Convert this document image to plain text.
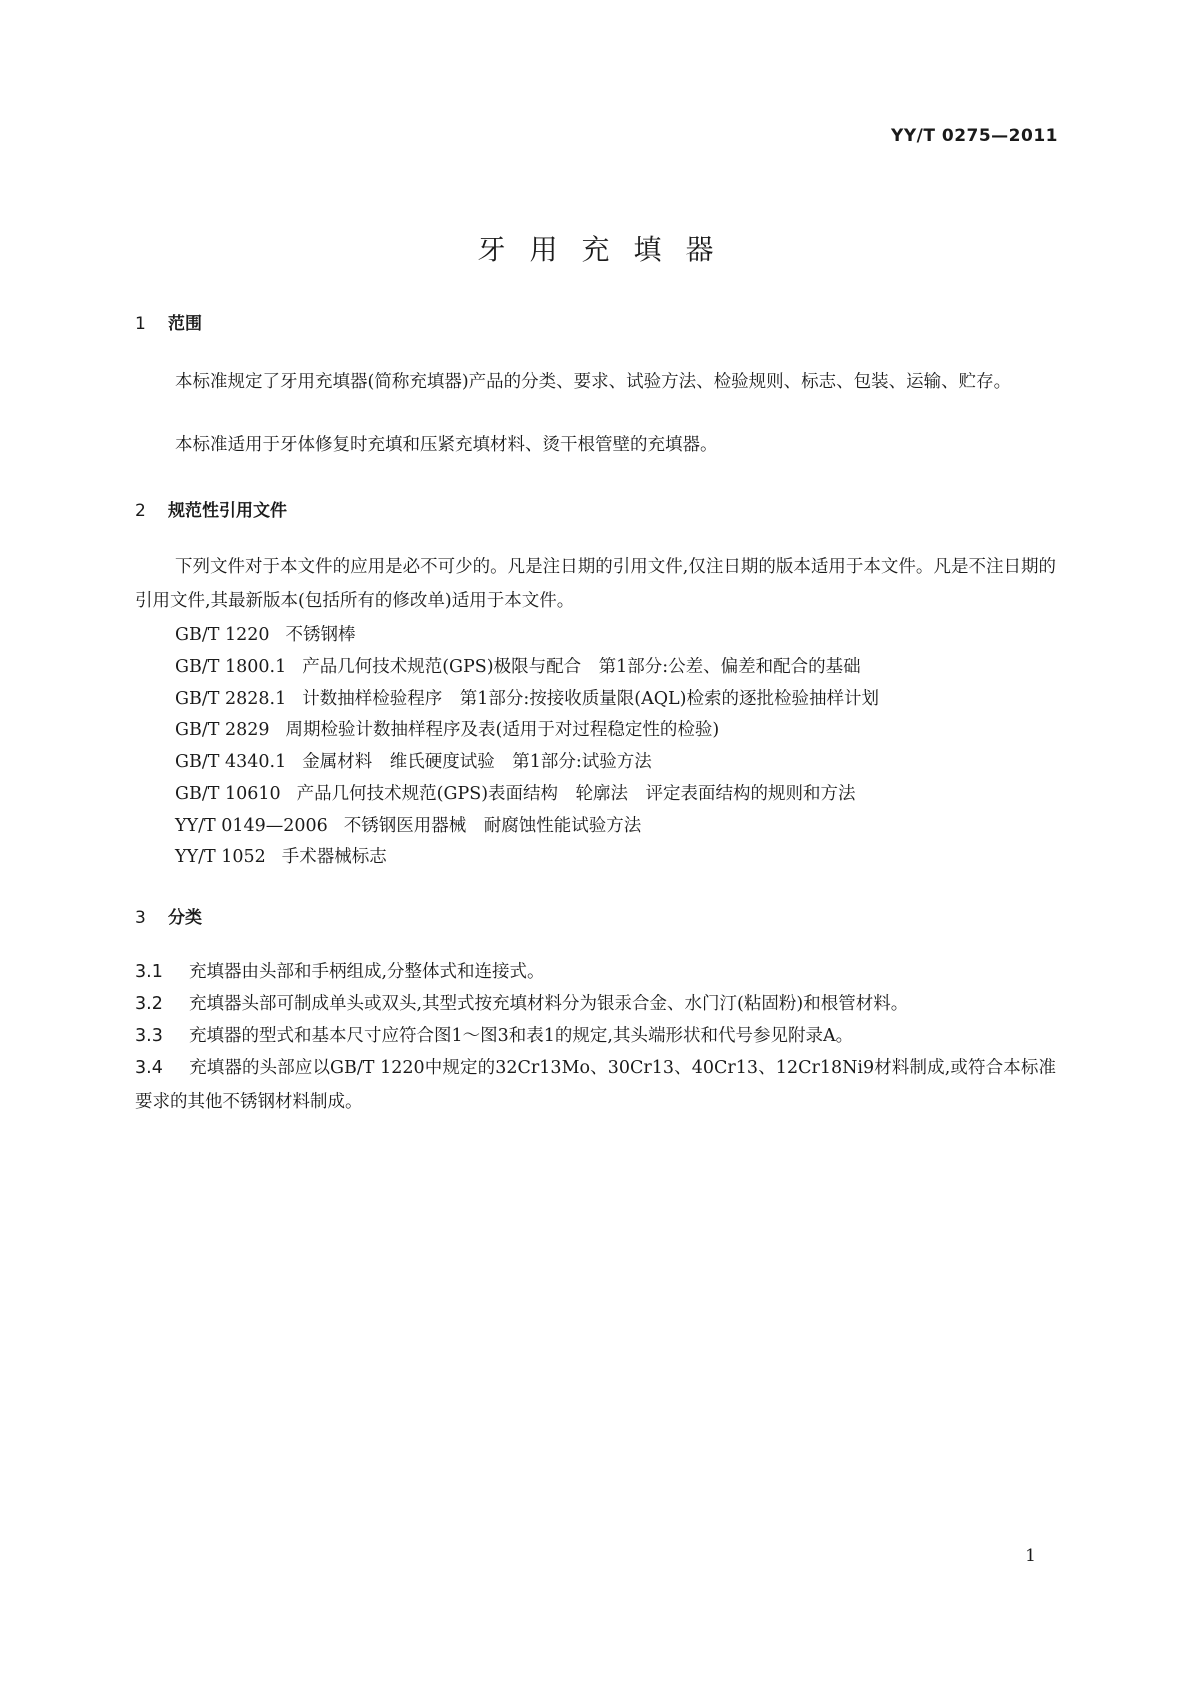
YY/T 0275—2011
牙用充填器
1 范围
本标准规定了牙用充填器(简称充填器)产品的分类、要求、试验方法、检验规则、标志、包装、运输、贮存。
本标准适用于牙体修复时充填和压紧充填材料、烫干根管壁的充填器。
2 规范性引用文件
下列文件对于本文件的应用是必不可少的。凡是注日期的引用文件,仅注日期的版本适用于本文件。凡是不注日期的引用文件,其最新版本(包括所有的修改单)适用于本文件。
GB/T 1220 不锈钢棒
GB/T 1800.1 产品几何技术规范(GPS)极限与配合　第1部分:公差、偏差和配合的基础
GB/T 2828.1 计数抽样检验程序　第1部分:按接收质量限(AQL)检索的逐批检验抽样计划
GB/T 2829 周期检验计数抽样程序及表(适用于对过程稳定性的检验)
GB/T 4340.1 金属材料　维氏硬度试验　第1部分:试验方法
GB/T 10610 产品几何技术规范(GPS)表面结构　轮廓法　评定表面结构的规则和方法
YY/T 0149—2006 不锈钢医用器械　耐腐蚀性能试验方法
YY/T 1052 手术器械标志
3 分类
3.1 充填器由头部和手柄组成,分整体式和连接式。
3.2 充填器头部可制成单头或双头,其型式按充填材料分为银汞合金、水门汀(粘固粉)和根管材料。
3.3 充填器的型式和基本尺寸应符合图1～图3和表1的规定,其头端形状和代号参见附录A。
3.4 充填器的头部应以GB/T 1220中规定的32Cr13Mo、30Cr13、40Cr13、12Cr18Ni9材料制成,或符合本标准要求的其他不锈钢材料制成。
1
